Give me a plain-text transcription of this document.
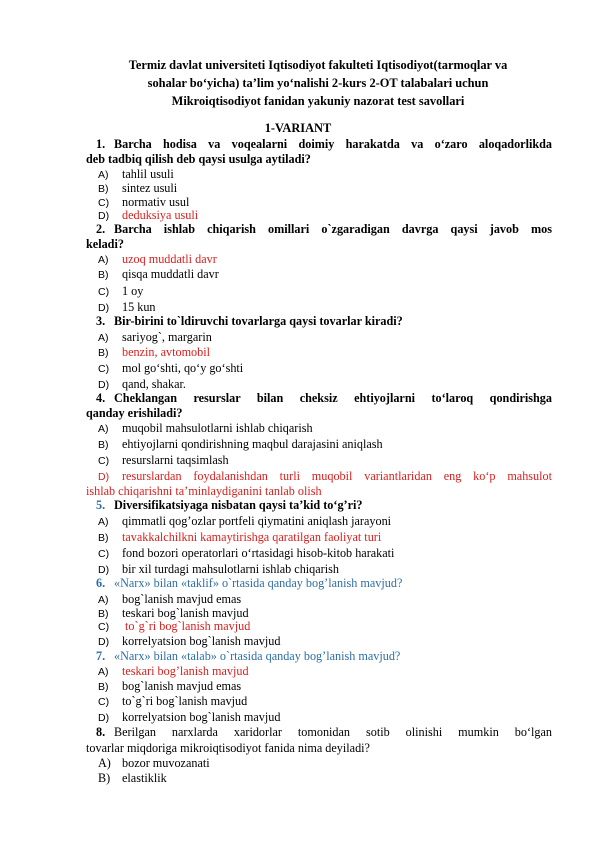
Termiz davlat universiteti Iqtisodiyot fakulteti Iqtisodiyot(tarmoqlar va
sohalar bo‘yicha) ta’lim yo‘nalishi 2-kurs 2-OT talabalari uchun
Mikroiqtisodiyot fanidan yakuniy nazorat test savollari
1-VARIANT
1. Barcha hodisa va voqealarni doimiy harakatda va o‘zaro aloqadorlikda
deb tadbiq qilish deb qaysi usulga aytiladi?
A) tahlil usuli
B) sintez usuli
C) normativ usul
D) deduksiya usuli
2. Barcha ishlab chiqarish omillari o`zgaradigan davrga qaysi javob mos
keladi?
A) uzoq muddatli davr
B) qisqa muddatli davr
C) 1 oy
D) 15 kun
3. Bir-birini to`ldiruvchi tovarlarga qaysi tovarlar kiradi?
A) sariyog`, margarin
B) benzin, avtomobil
C) mol go‘shti, qo‘y go‘shti
D) qand, shakar.
4. Cheklangan resurslar bilan cheksiz ehtiyojlarni to‘laroq qondirishga
qanday erishiladi?
A) muqobil mahsulotlarni ishlab chiqarish
B) ehtiyojlarni qondirishning maqbul darajasini aniqlash
C) resurslarni taqsimlash
D) resurslardan foydalanishdan turli muqobil variantlaridan eng ko‘p mahsulot
ishlab chiqarishni ta’minlaydiganini tanlab olish
5. Diversifikatsiyaga nisbatan qaysi ta’kid to‘g’ri?
A) qimmatli qog’ozlar portfeli qiymatini aniqlash jarayoni
B) tavakkalchilkni kamaytirishga qaratilgan faoliyat turi
C) fond bozori operatorlari o‘rtasidagi hisob-kitob harakati
D) bir xil turdagi mahsulotlarni ishlab chiqarish
6. «Narx» bilan «taklif» o`rtasida qanday bog’lanish mavjud?
A) bog`lanish mavjud emas
B) teskari bog`lanish mavjud
C) to`g`ri bog`lanish mavjud
D) korrelyatsion bog`lanish mavjud
7. «Narx» bilan «talab» o`rtasida qanday bog’lanish mavjud?
A) teskari bog’lanish mavjud
B) bog`lanish mavjud emas
C) to`g`ri bog`lanish mavjud
D) korrelyatsion bog`lanish mavjud
8. Berilgan narxlarda xaridorlar tomonidan sotib olinishi mumkin bo‘lgan
tovarlar miqdoriga mikroiqtisodiyot fanida nima deyiladi?
A) bozor muvozanati
B) elastiklik
